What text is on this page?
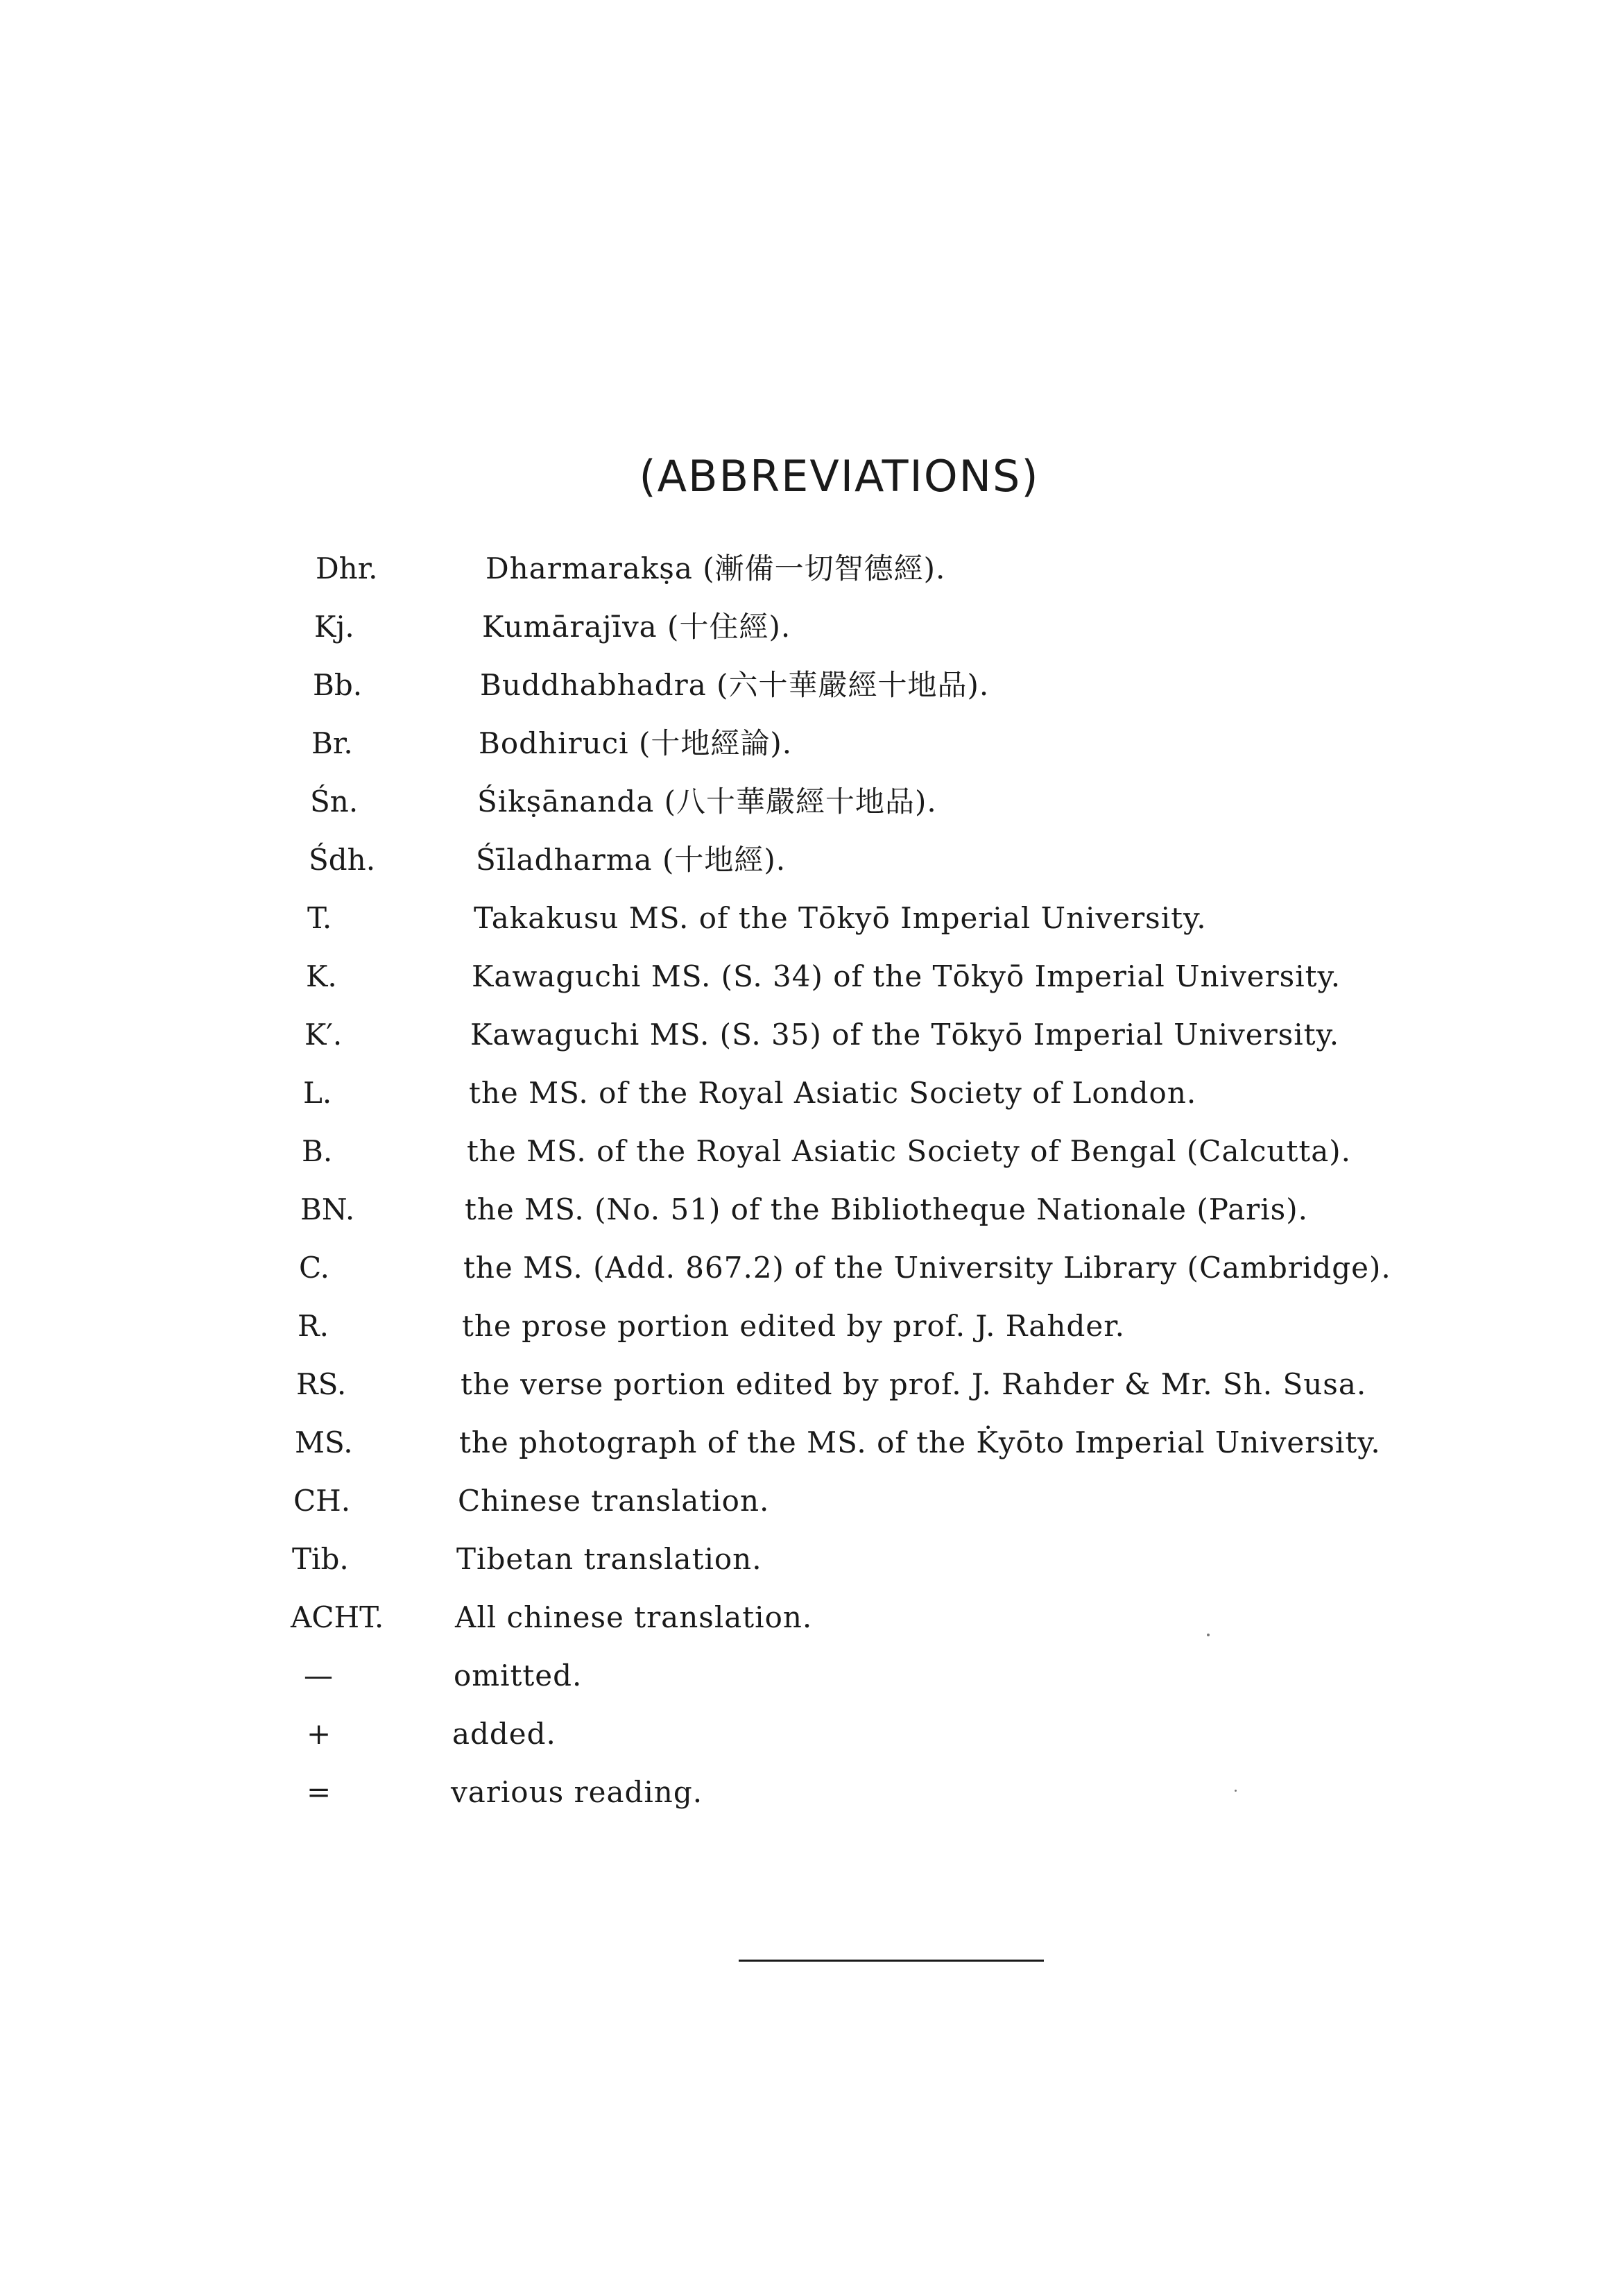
(ABBREVIATIONS)
Dhr.	Dharmarakṣa (漸備一切智德經).
Kj.	Kumārajīva (十住經).
Bb.	Buddhabhadra (六十華嚴經十地品).
Br.	Bodhiruci (十地經論).
Śn.	Śikṣānanda (八十華嚴經十地品).
Śdh.	Śīladharma (十地經).
T.	Takakusu MS. of the Tōkyō Imperial University.
K.	Kawaguchi MS. (S. 34) of the Tōkyō Imperial University.
K′.	Kawaguchi MS. (S. 35) of the Tōkyō Imperial University.
L.	the MS. of the Royal Asiatic Society of London.
B.	the MS. of the Royal Asiatic Society of Bengal (Calcutta).
BN.	the MS. (No. 51) of the Bibliotheque Nationale (Paris).
C.	the MS. (Add. 867.2) of the University Library (Cambridge).
R.	the prose portion edited by prof. J. Rahder.
RS.	the verse portion edited by prof. J. Rahder & Mr. Sh. Susa.
MS.	the photograph of the MS. of the K̇yōto Imperial University.
CH.	Chinese translation.
Tib.	Tibetan translation.
ACHT. All chinese translation.
—	omitted.
+	added.
=	various reading.
